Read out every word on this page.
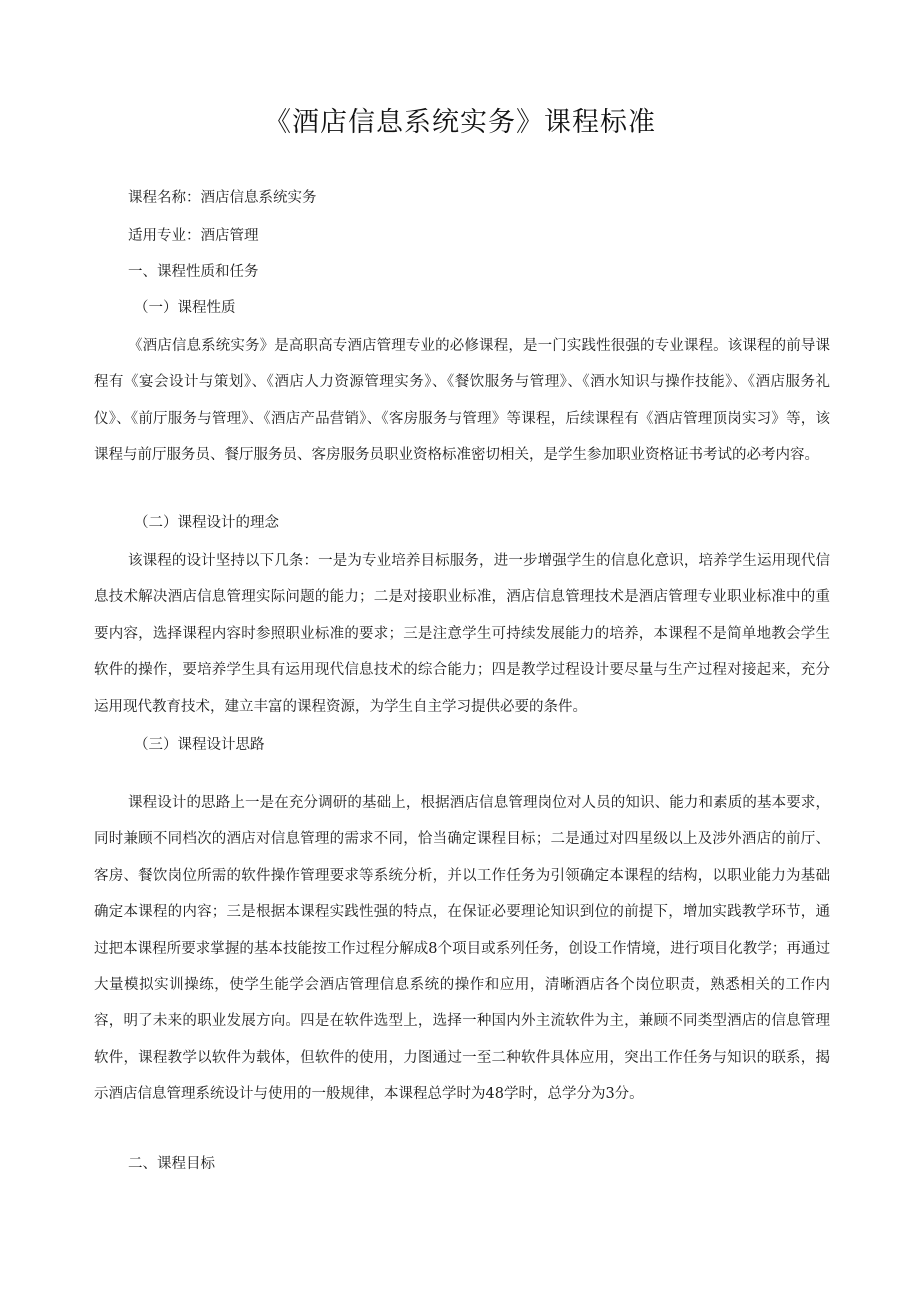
《酒店信息系统实务》课程标准
课程名称：酒店信息系统实务
适用专业：酒店管理
一、课程性质和任务
（一）课程性质

《酒店信息系统实务》是高职高专酒店管理专业的必修课程，是一门实践性很强的专业课程。该课程的前导课程有《宴会设计与策划》、《酒店人力资源管理实务》、《餐饮服务与管理》、《酒水知识与操作技能》、《酒店服务礼仪》、《前厅服务与管理》、《酒店产品营销》、《客房服务与管理》等课程，后续课程有《酒店管理顶岗实习》等，该课程与前厅服务员、餐厅服务员、客房服务员职业资格标准密切相关，是学生参加职业资格证书考试的必考内容。

（二）课程设计的理念

该课程的设计坚持以下几条：一是为专业培养目标服务，进一步增强学生的信息化意识，培养学生运用现代信息技术解决酒店信息管理实际问题的能力；二是对接职业标准，酒店信息管理技术是酒店管理专业职业标准中的重要内容，选择课程内容时参照职业标准的要求；三是注意学生可持续发展能力的培养，本课程不是简单地教会学生软件的操作，要培养学生具有运用现代信息技术的综合能力；四是教学过程设计要尽量与生产过程对接起来，充分运用现代教育技术，建立丰富的课程资源，为学生自主学习提供必要的条件。

（三）课程设计思路

课程设计的思路上一是在充分调研的基础上，根据酒店信息管理岗位对人员的知识、能力和素质的基本要求，同时兼顾不同档次的酒店对信息管理的需求不同，恰当确定课程目标；二是通过对四星级以上及涉外酒店的前厅、客房、餐饮岗位所需的软件操作管理要求等系统分析，并以工作任务为引领确定本课程的结构，以职业能力为基础确定本课程的内容；三是根据本课程实践性强的特点，在保证必要理论知识到位的前提下，增加实践教学环节，通过把本课程所要求掌握的基本技能按工作过程分解成8个项目或系列任务，创设工作情境，进行项目化教学；再通过大量模拟实训操练，使学生能学会酒店管理信息系统的操作和应用，清晰酒店各个岗位职责，熟悉相关的工作内容，明了未来的职业发展方向。四是在软件选型上，选择一种国内外主流软件为主，兼顾不同类型酒店的信息管理软件，课程教学以软件为载体，但软件的使用，力图通过一至二种软件具体应用，突出工作任务与知识的联系，揭示酒店信息管理系统设计与使用的一般规律，本课程总学时为48学时，总学分为3分。

二、课程目标
